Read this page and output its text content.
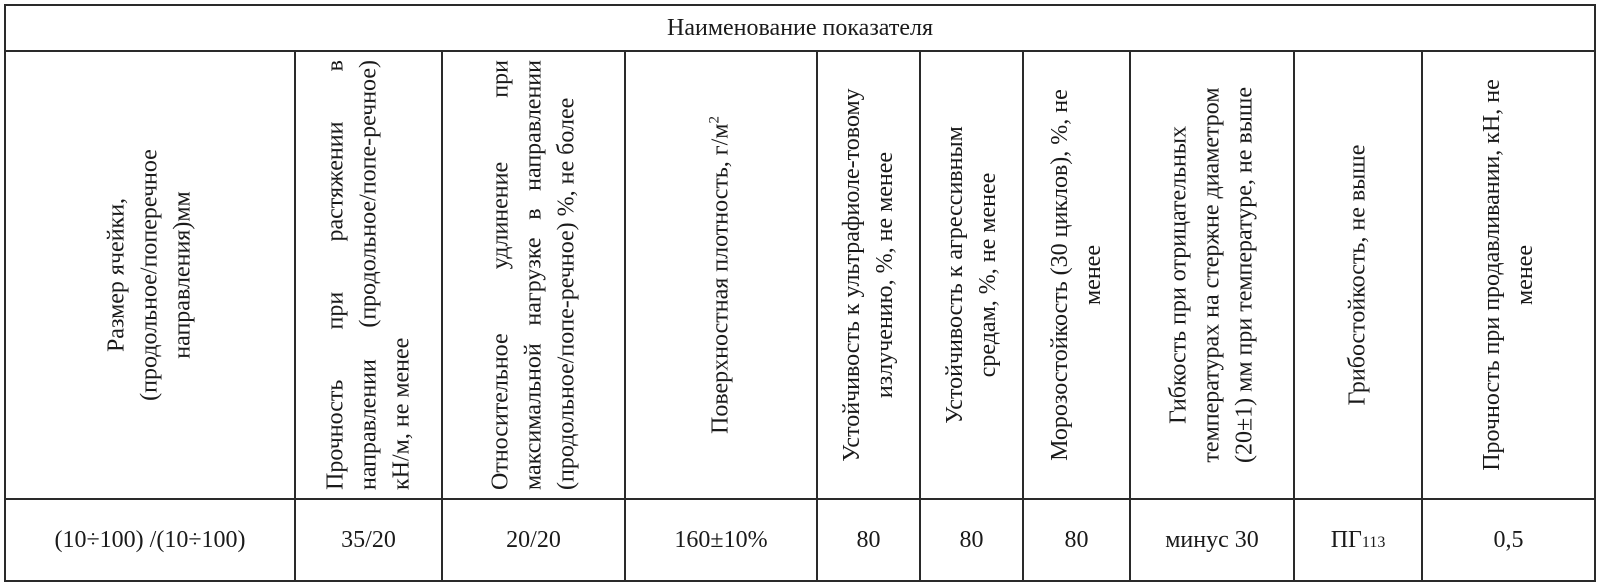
Наименование показателя									

Размер ячейки, (продольное/поперечное направления)мм	Прочность при растяжении в направлении (продольное/попе-речное) кН/м, не менее	Относительное удлинение при максимальной нагрузке в направлении (продольное/попе-речное) %, не более	Поверхностная плотность, $г/м^2$	Устойчивость к ультрафиоле-товому излучению, %, не менее	Устойчивость к агрессивным средам, %, не менее	Морозостойкость (30 циклов), %, не менее	Гибкость при отрицательных температурах на стержне диаметром (20±1) мм при температуре, не выше	Грибостойкость, не выше	Прочность при продавливании, кН, не менее

(10÷100) /(10÷100)	35/20	20/20	160±10%	80	80	80	минус 30	ПГ113	0,5
